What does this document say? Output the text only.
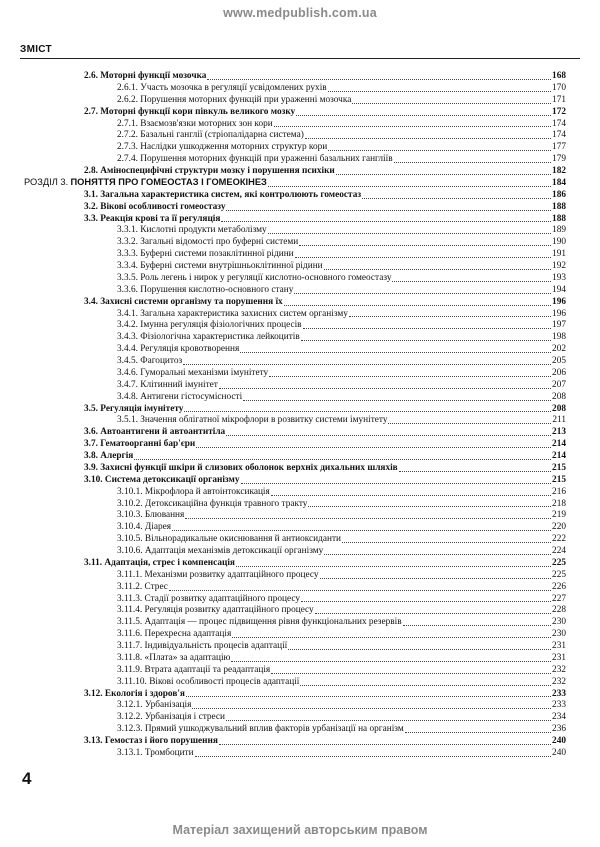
www.medpublish.com.ua
ЗМІСТ
2.6. Моторні функції мозочка	168
2.6.1. Участь мозочка в регуляції усвідомлених рухів	170
2.6.2. Порушення моторних функцій при ураженні мозочка	171
2.7. Моторні функції кори півкуль великого мозку	172
2.7.1. Взаємозв'язки моторних зон кори	174
2.7.2. Базальні ганглії (стріопалідарна система)	174
2.7.3. Наслідки ушкодження моторних структур кори	177
2.7.4. Порушення моторних функцій при ураженні базальних гангліїв	179
2.8. Аміноспецифічні структури мозку і порушення психіки	182
РОЗДІЛ 3. ПОНЯТТЯ ПРО ГОМЕОСТАЗ І ГОМЕОКІНЕЗ	184
3.1. Загальна характеристика систем, які контролюють гомеостаз	186
3.2. Вікові особливості гомеостазу	188
3.3. Реакція крові та її регуляція	188
3.3.1. Кислотні продукти метаболізму	189
3.3.2. Загальні відомості про буферні системи	190
3.3.3. Буферні системи позаклітинної рідини	191
3.3.4. Буферні системи внутрішньоклітинної рідини	192
3.3.5. Роль легень і нирок у регуляції кислотно-основного гомеостазу	193
3.3.6. Порушення кислотно-основного стану	194
3.4. Захисні системи організму та порушення їх	196
3.4.1. Загальна характеристика захисних систем організму	196
3.4.2. Імунна регуляція фізіологічних процесів	197
3.4.3. Фізіологічна характеристика лейкоцитів	198
3.4.4. Регуляція кровотворення	202
3.4.5. Фагоцитоз	205
3.4.6. Гуморальні механізми імунітету	206
3.4.7. Клітинний імунітет	207
3.4.8. Антигени гістосумісності	208
3.5. Регуляція імунітету	208
3.5.1. Значення облігатної мікрофлори в розвитку системи імунітету	211
3.6. Автоантигени й автоантитіла	213
3.7. Гематоорганні бар'єри	214
3.8. Алергія	214
3.9. Захисні функції шкіри й слизових оболонок верхніх дихальних шляхів	215
3.10. Система детоксикації організму	215
3.10.1. Мікрофлора й автоінтоксикація	216
3.10.2. Детоксикаційна функція травного тракту	218
3.10.3. Блювання	219
3.10.4. Діарея	220
3.10.5. Вільнорадикальне окиснювання й антиоксиданти	222
3.10.6. Адаптація механізмів детоксикації організму	224
3.11. Адаптація, стрес і компенсація	225
3.11.1. Механізми розвитку адаптаційного процесу	225
3.11.2. Стрес	226
3.11.3. Стадії розвитку адаптаційного процесу	227
3.11.4. Регуляція розвитку адаптаційного процесу	228
3.11.5. Адаптація — процес підвищення рівня функціональних резервів	230
3.11.6. Перехресна адаптація	230
3.11.7. Індивідуальність процесів адаптації	231
3.11.8. «Плата» за адаптацію	231
3.11.9. Втрата адаптації та реадаптація	232
3.11.10. Вікові особливості процесів адаптації	232
3.12. Екологія і здоров'я	233
3.12.1. Урбанізація	233
3.12.2. Урбанізація і стреси	234
3.12.3. Прямий ушкоджувальний вплив факторів урбанізації на організм	236
3.13. Гемостаз і його порушення	240
3.13.1. Тромбоцити	240
4
Матеріал захищений авторським правом
